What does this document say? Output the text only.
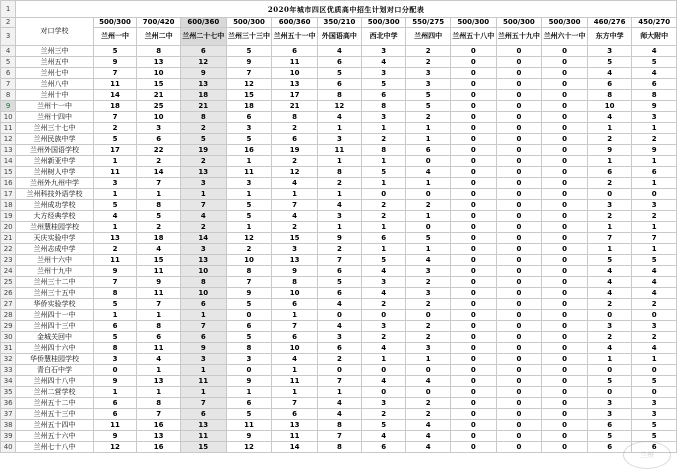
1	2020年城市四区优质高中招生计划对口分配表													
2	对口学校	500/300	700/420	600/360	500/300	600/360	350/210	500/300	550/275	500/300	500/300	500/300	460/276	450/270
3		兰州一中	兰州二中	兰州二十七中	兰州三十三中	兰州五十一中	外国语高中	西北中学	兰州四中	兰州五十八中	兰州五十九中	兰州六十一中	东方中学	师大附中
4	兰州三中	5	8	6	5	6	4	3	2	0	0	0	3	4
5	兰州五中	9	13	12	9	11	6	4	2	0	0	0	5	5
6	兰州七中	7	10	9	7	10	5	3	3	0	0	0	4	4
7	兰州八中	11	15	13	12	13	6	5	3	0	0	0	6	6
8	兰州十中	14	21	18	15	17	8	6	5	0	0	0	8	8
9	兰州十一中	18	25	21	18	21	12	8	5	0	0	0	10	9
10	兰州十四中	7	10	8	6	8	4	3	2	0	0	0	4	3
11	兰州三十七中	2	3	2	3	2	1	1	1	0	0	0	1	1
12	兰州民族中学	5	6	5	5	6	3	2	1	0	0	0	2	2
13	兰州外国语学校	17	22	19	16	19	11	8	6	0	0	0	9	9
14	兰州新亚中学	1	2	2	1	2	1	1	0	0	0	0	1	1
15	兰州树人中学	11	14	13	11	12	8	5	4	0	0	0	6	6
16	兰州外九州中学	3	7	3	3	4	2	1	1	0	0	0	2	1
17	兰州科技外语学校	1	1	1	1	1	1	0	0	0	0	0	0	0
18	兰州成功学校	5	8	7	5	7	4	2	2	0	0	0	3	3
19	大方经典学校	4	5	4	5	4	3	2	1	0	0	0	2	2
20	兰州慧桂园学校	1	2	2	1	2	1	1	0	0	0	0	1	1
21	天庆实验中学	13	18	14	12	15	9	6	5	0	0	0	7	7
22	兰州志成中学	2	4	3	2	3	2	1	1	0	0	0	1	1
23	兰州十六中	11	15	13	10	13	7	5	4	0	0	0	5	5
24	兰州十九中	9	11	10	8	9	6	4	3	0	0	0	4	4
25	兰州三十二中	7	9	8	7	8	5	3	2	0	0	0	4	4
26	兰州三十五中	8	11	10	9	10	6	4	3	0	0	0	4	4
27	华侨实验学校	5	7	6	5	6	4	2	2	0	0	0	2	2
28	兰州四十一中	1	1	1	0	1	0	0	0	0	0	0	0	0
29	兰州四十三中	6	8	7	6	7	4	3	2	0	0	0	3	3
30	金城关回中	5	6	6	5	6	3	2	2	0	0	0	2	2
31	兰州四十六中	8	11	9	8	10	6	4	3	0	0	0	4	4
32	华侨慧桂园学校	3	4	3	3	4	2	1	1	0	0	0	1	1
33	青白石中学	0	1	1	0	1	0	0	0	0	0	0	0	0
34	兰州四十八中	9	13	11	9	11	7	4	4	0	0	0	5	5
35	兰州二营学校	1	1	1	1	1	1	0	0	0	0	0	0	0
36	兰州五十二中	6	8	7	6	7	4	3	2	0	0	0	3	3
37	兰州五十三中	6	7	6	5	6	4	2	2	0	0	0	3	3
38	兰州五十四中	11	16	13	11	13	8	5	4	0	0	0	6	5
39	兰州五十六中	9	13	11	9	11	7	4	4	0	0	0	5	5
40	兰州七十八中	12	16	15	12	14	8	6	4	0	0	0	6	6
兰州
